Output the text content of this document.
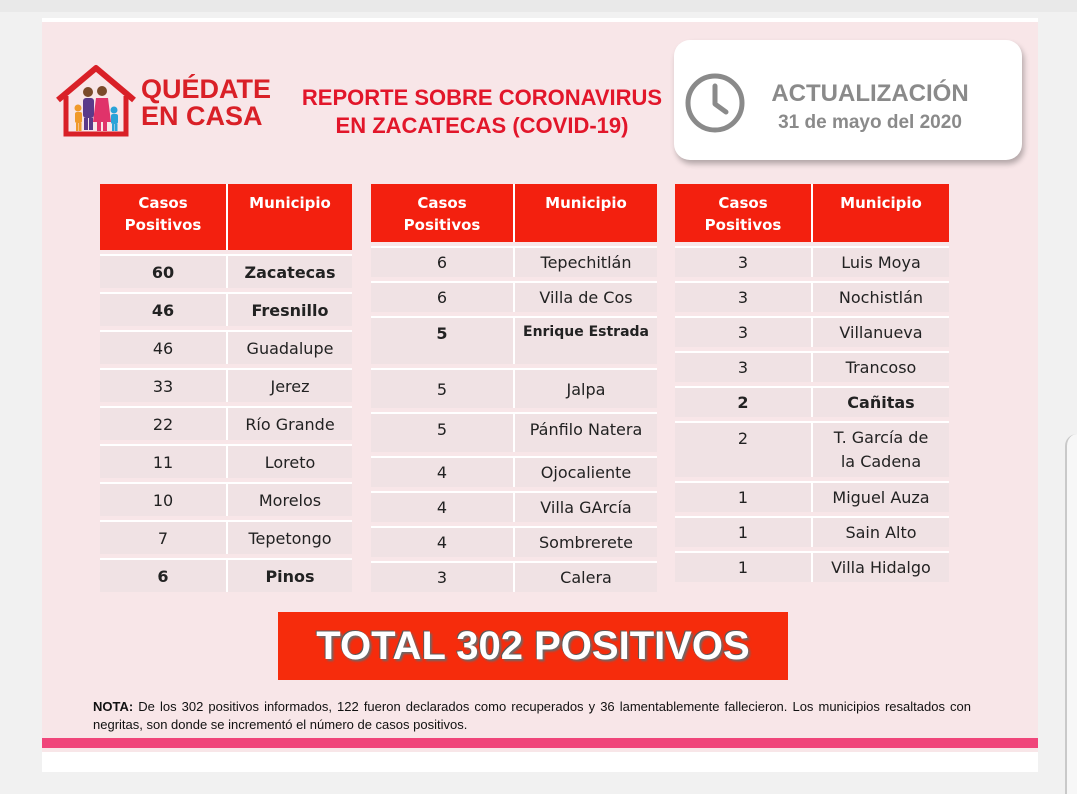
QUÉDATE
EN CASA
REPORTE SOBRE CORONAVIRUS
EN ZACATECAS (COVID-19)
ACTUALIZACIÓN
31 de mayo del 2020
Casos
Positivos	Municipio
60	Zacatecas
46	Fresnillo
46	Guadalupe
33	Jerez
22	Río Grande
11	Loreto
10	Morelos
7	Tepetongo
6	Pinos
Casos
Positivos	Municipio
6	Tepechitlán
6	Villa de Cos
5	Enrique Estrada
5	Jalpa
5	Pánfilo Natera
4	Ojocaliente
4	Villa GArcía
4	Sombrerete
3	Calera
Casos
Positivos	Municipio
3	Luis Moya
3	Nochistlán
3	Villanueva
3	Trancoso
2	Cañitas
2	T. García de
la Cadena
1	Miguel Auza
1	Sain Alto
1	Villa Hidalgo
TOTAL 302 POSITIVOS
NOTA: De los 302 positivos informados, 122 fueron declarados como recuperados y 36 lamentablemente fallecieron. Los municipios resaltados con negritas, son donde se incrementó el número de casos positivos.
